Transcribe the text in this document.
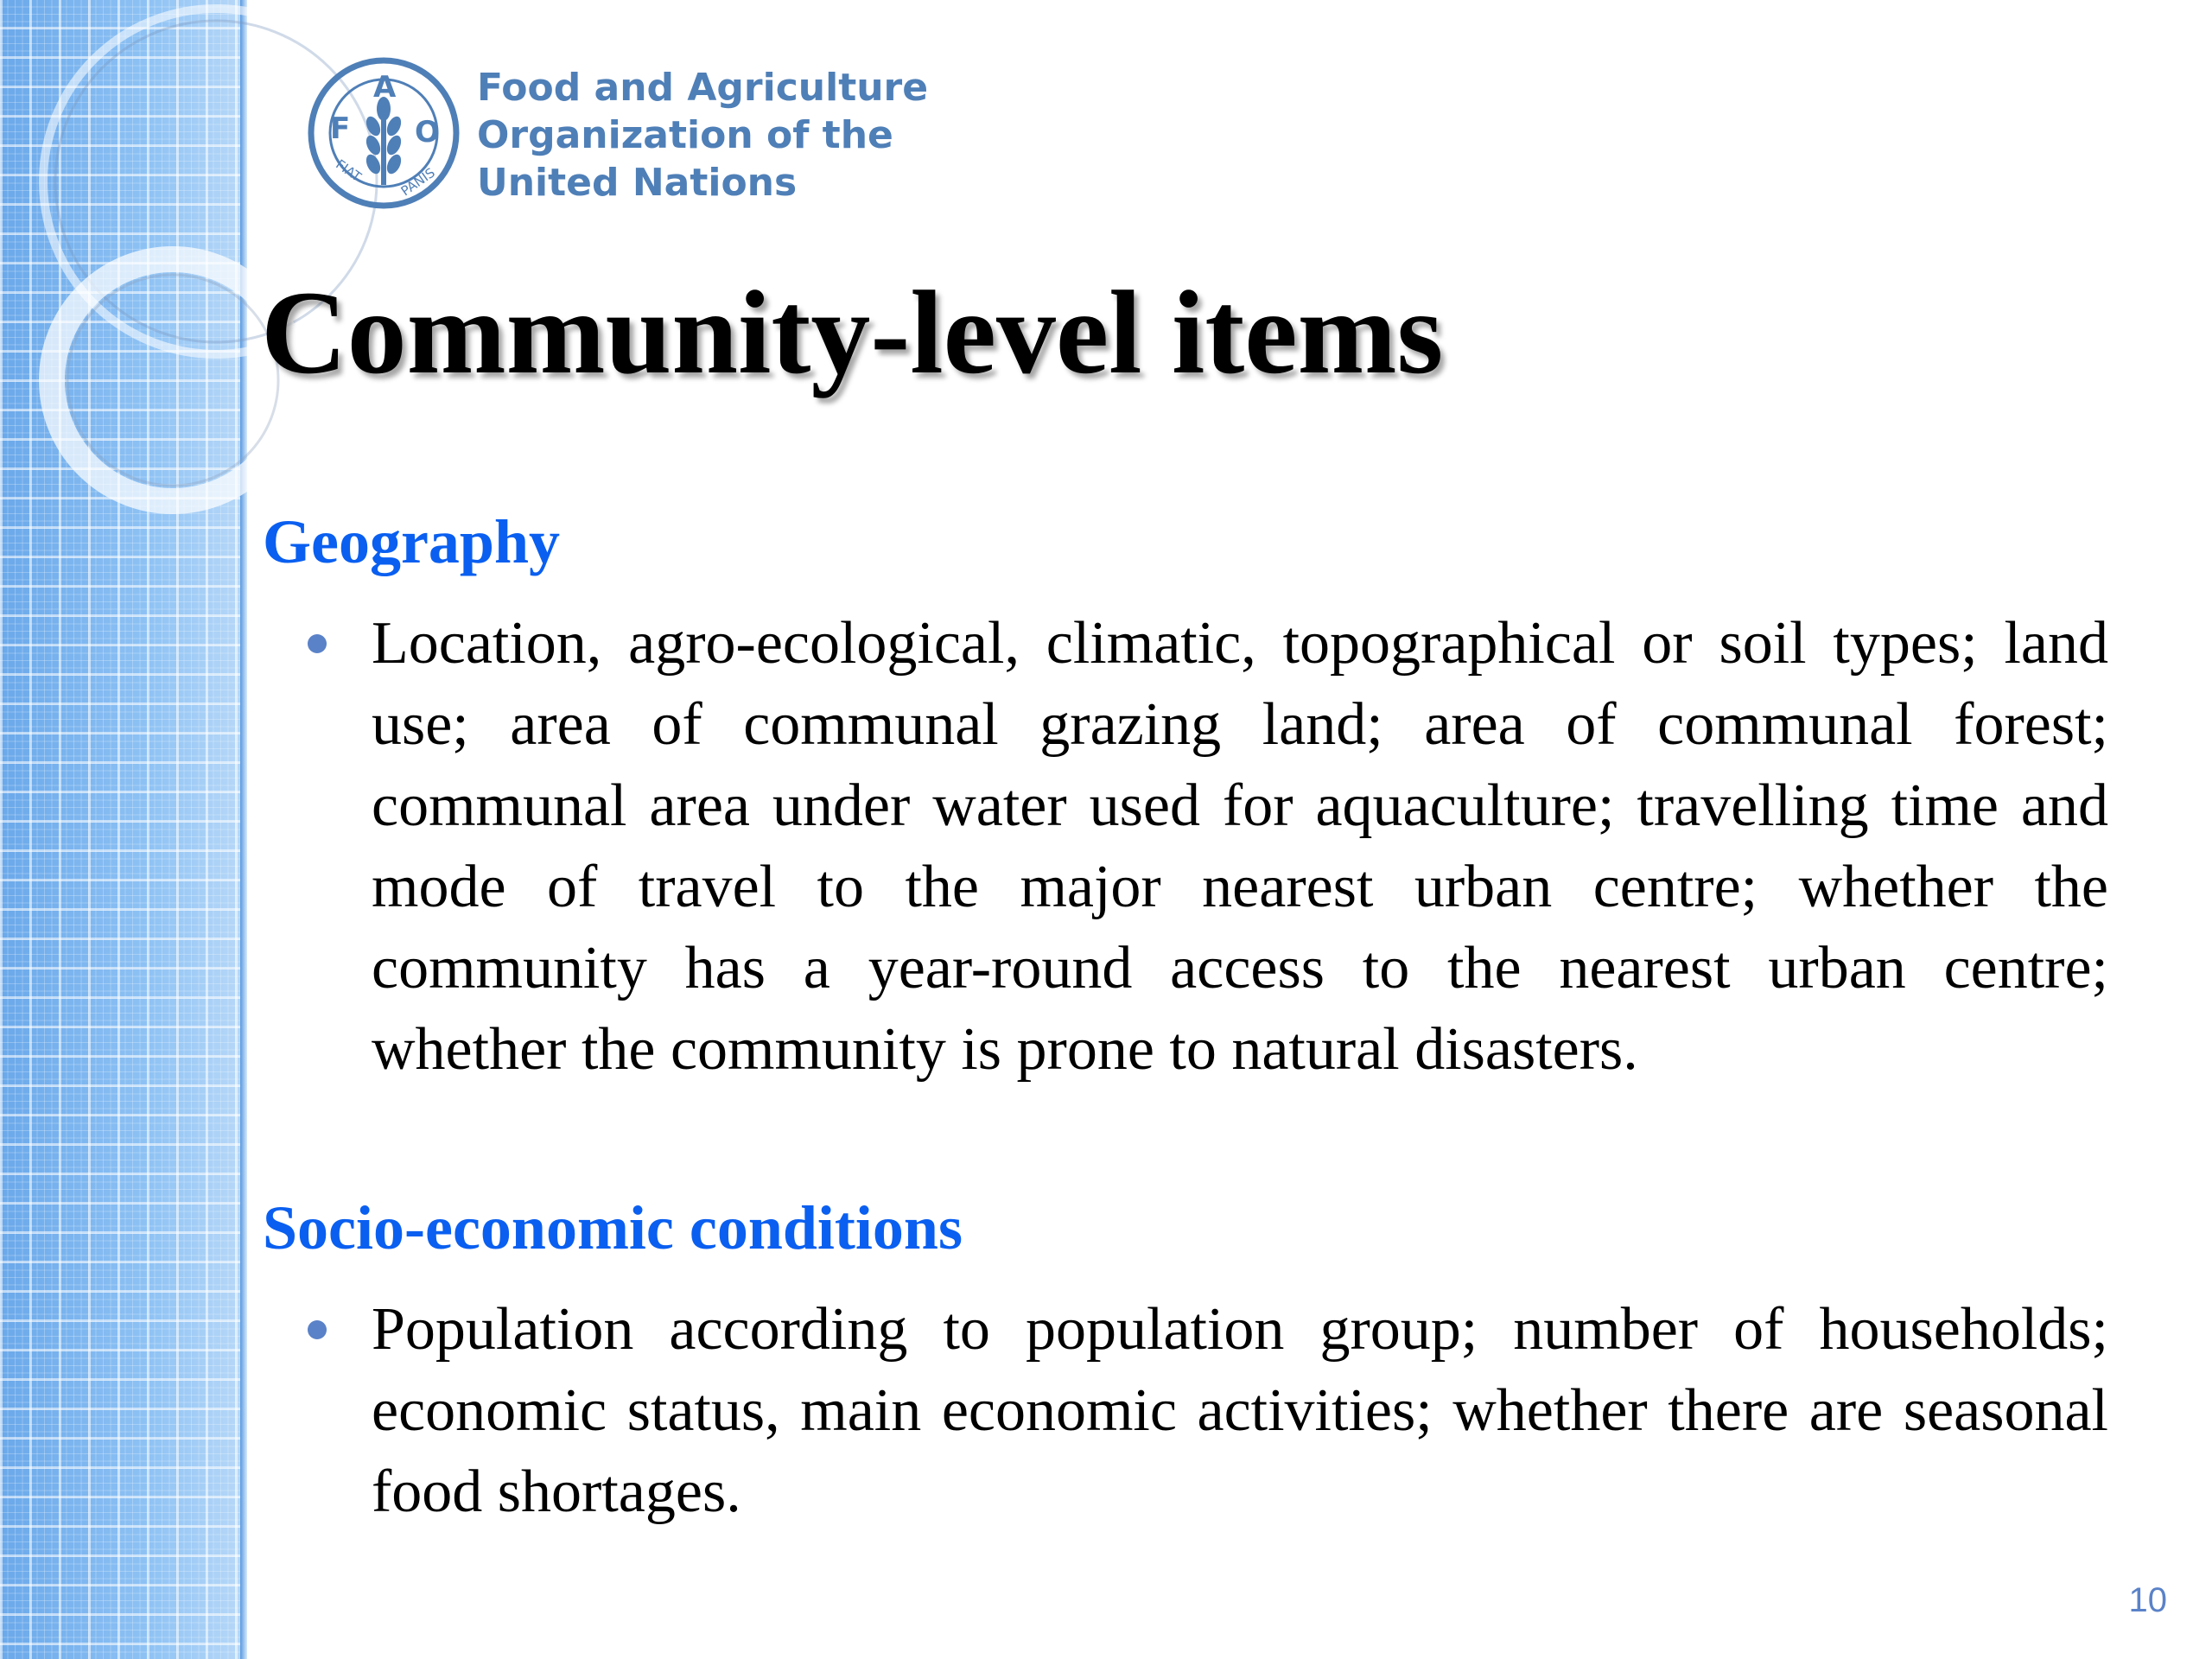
F
A
O
FIAT	PANIS
Food and Agriculture
Organization of the
United Nations
Community-level items
Geography
Location, agro-ecological, climatic, topographical or soil types; land use; area of communal grazing land; area of communal forest; communal area under water used for aquaculture; travelling time and mode of travel to the major nearest urban centre; whether the community has a year-round access to the nearest urban centre; whether the community is prone to natural disasters.
Socio-economic conditions
Population according to population group; number of households; economic status, main economic activities; whether there are seasonal food shortages.
10
